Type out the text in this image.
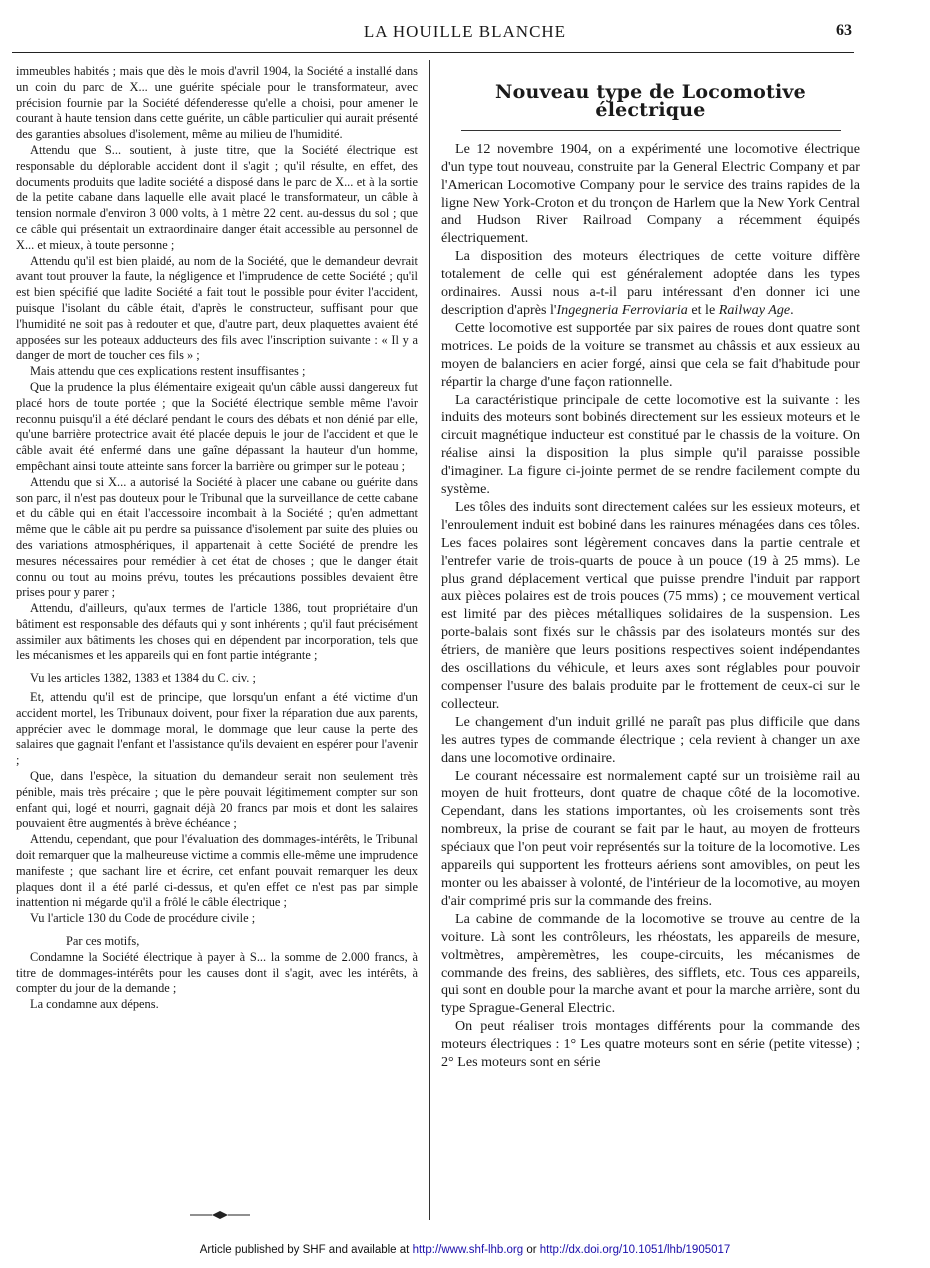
LA HOUILLE BLANCHE	63

immeubles habités ; mais que dès le mois d'avril 1904, la Société a installé dans un coin du parc de X... une guérite spéciale pour le transformateur, avec précision fournie par la Société défenderesse qu'elle a choisi, pour amener le courant à haute tension dans cette guérite, un câble particulier qui aurait présenté des garanties absolues d'isolement, même au milieu de l'humidité.

Attendu que S... soutient, à juste titre, que la Société électrique est responsable du déplorable accident dont il s'agit ; qu'il résulte, en effet, des documents produits que ladite société a disposé dans le parc de X... et à la sortie de la petite cabane dans laquelle elle avait placé le transformateur, un câble à tension normale d'environ 3 000 volts, à 1 mètre 22 cent. au-dessus du sol ; que ce câble qui présentait un extraordinaire danger était accessible au personnel de X... et mieux, à toute personne ;

Attendu qu'il est bien plaidé, au nom de la Société, que le demandeur devrait avant tout prouver la faute, la négligence et l'imprudence de cette Société ; qu'il est bien spécifié que ladite Société a fait tout le possible pour éviter l'accident, puisque l'isolant du câble était, d'après le constructeur, suffisant pour que l'humidité ne soit pas à redouter et que, d'autre part, deux plaquettes avaient été apposées sur les poteaux adducteurs des fils avec l'inscription suivante : « Il y a danger de mort de toucher ces fils » ;

Mais attendu que ces explications restent insuffisantes ;

Que la prudence la plus élémentaire exigeait qu'un câble aussi dangereux fut placé hors de toute portée ; que la Société électrique semble même l'avoir reconnu puisqu'il a été déclaré pendant le cours des débats et non dénié par elle, qu'une barrière protectrice avait été placée depuis le jour de l'accident et que le câble avait été enfermé dans une gaîne dépassant la hauteur d'un homme, empêchant ainsi toute atteinte sans forcer la barrière ou grimper sur le poteau ;

Attendu que si X... a autorisé la Société à placer une cabane ou guérite dans son parc, il n'est pas douteux pour le Tribunal que la surveillance de cette cabane et du câble qui en était l'accessoire incombait à la Société ; qu'en admettant même que le câble ait pu perdre sa puissance d'isolement par suite des pluies ou des variations atmosphériques, il appartenait à cette Société de prendre les mesures nécessaires pour remédier à cet état de choses ; que le danger était connu ou tout au moins prévu, toutes les précautions possibles devaient être prises pour y parer ;

Attendu, d'ailleurs, qu'aux termes de l'article 1386, tout propriétaire d'un bâtiment est responsable des défauts qui y sont inhérents ; qu'il faut précisément assimiler aux bâtiments les choses qui en dépendent par incorporation, tels que les mécanismes et les appareils qui en font partie intégrante ;

Vu les articles 1382, 1383 et 1384 du C. civ. ;

Et, attendu qu'il est de principe, que lorsqu'un enfant a été victime d'un accident mortel, les Tribunaux doivent, pour fixer la réparation due aux parents, apprécier avec le dommage moral, le dommage que leur cause la perte des salaires que gagnait l'enfant et l'assistance qu'ils devaient en espérer pour l'avenir ;

Que, dans l'espèce, la situation du demandeur serait non seulement très pénible, mais très précaire ; que le père pouvait légitimement compter sur son enfant qui, logé et nourri, gagnait déjà 20 francs par mois et dont les salaires pouvaient être augmentés à brève échéance ;

Attendu, cependant, que pour l'évaluation des dommages-intérêts, le Tribunal doit remarquer que la malheureuse victime a commis elle-même une imprudence manifeste ; que sachant lire et écrire, cet enfant pouvait remarquer les deux plaques dont il a été parlé ci-dessus, et qu'en effet ce n'est pas par simple inattention ni mégarde qu'il a frôlé le câble électrique ;

Vu l'article 130 du Code de procédure civile ;

Par ces motifs,

Condamne la Société électrique à payer à S... la somme de 2.000 francs, à titre de dommages-intérêts pour les causes dont il s'agit, avec les intérêts, à compter du jour de la demande ;

La condamne aux dépens.

Nouveau type de Locomotive électrique

Le 12 novembre 1904, on a expérimenté une locomotive électrique d'un type tout nouveau, construite par la General Electric Company et par l'American Locomotive Company pour le service des trains rapides de la ligne New York-Croton et du tronçon de Harlem que la New York Central and Hudson River Railroad Company a récemment équipés électriquement.

La disposition des moteurs électriques de cette voiture diffère totalement de celle qui est généralement adoptée dans les types ordinaires. Aussi nous a-t-il paru intéressant d'en donner ici une description d'après l'Ingegneria Ferroviaria et le Railway Age.

Cette locomotive est supportée par six paires de roues dont quatre sont motrices. Le poids de la voiture se transmet au châssis et aux essieux au moyen de balanciers en acier forgé, ainsi que cela se fait d'habitude pour répartir la charge d'une façon rationnelle.

La caractéristique principale de cette locomotive est la suivante : les induits des moteurs sont bobinés directement sur les essieux moteurs et le circuit magnétique inducteur est constitué par le chassis de la voiture. On réalise ainsi la disposition la plus simple qu'il paraisse possible d'imaginer. La figure ci-jointe permet de se rendre facilement compte du système.

Les tôles des induits sont directement calées sur les essieux moteurs, et l'enroulement induit est bobiné dans les rainures ménagées dans ces tôles. Les faces polaires sont légèrement concaves dans la partie centrale et l'entrefer varie de trois-quarts de pouce à un pouce (19 à 25 mms). Le plus grand déplacement vertical que puisse prendre l'induit par rapport aux pièces polaires est de trois pouces (75 mms) ; ce mouvement vertical est limité par des pièces métalliques solidaires de la suspension. Les porte-balais sont fixés sur le châssis par des isolateurs montés sur des étriers, de manière que leurs positions respectives soient indépendantes des oscillations du véhicule, et leurs axes sont réglables pour pouvoir compenser l'usure des balais produite par le frottement de ceux-ci sur le collecteur.

Le changement d'un induit grillé ne paraît pas plus difficile que dans les autres types de commande électrique ; cela revient à changer un axe dans une locomotive ordinaire.

Le courant nécessaire est normalement capté sur un troisième rail au moyen de huit frotteurs, dont quatre de chaque côté de la locomotive. Cependant, dans les stations importantes, où les croisements sont très nombreux, la prise de courant se fait par le haut, au moyen de frotteurs spéciaux que l'on peut voir représentés sur la toiture de la locomotive. Les appareils qui supportent les frotteurs aériens sont amovibles, on peut les monter ou les abaisser à volonté, de l'intérieur de la locomotive, au moyen d'air comprimé pris sur la commande des freins.

La cabine de commande de la locomotive se trouve au centre de la voiture. Là sont les contrôleurs, les rhéostats, les appareils de mesure, voltmètres, ampèremètres, les coupe-circuits, les mécanismes de commande des freins, des sablières, des sifflets, etc. Tous ces appareils, qui sont en double pour la marche avant et pour la marche arrière, sont du type Sprague-General Electric.

On peut réaliser trois montages différents pour la commande des moteurs électriques : 1° Les quatre moteurs sont en série (petite vitesse) ; 2° Les moteurs sont en série

Article published by SHF and available at http://www.shf-lhb.org or http://dx.doi.org/10.1051/lhb/1905017
